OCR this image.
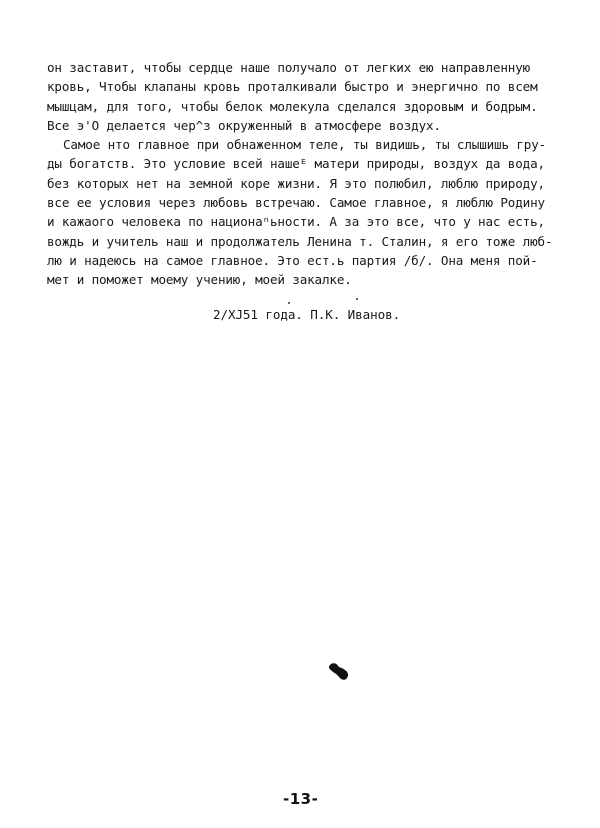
он заставит, чтобы сердце наше получало от легких ею направленную
кровь, Чтобы клапаны кровь проталкивали быстро и энергично по всем
мышцам, для того, чтобы белок молекула сделался здоровым и бодрым.
Все э'О делается чер^з окруженный в атмосфере воздух.
Самое нто главное при обнаженном теле, ты видишь, ты слышишь гру-
ды богатств. Это условие всей нашеᴱ матери природы, воздух да вода,
без которых нет на земной коре жизни. Я это полюбил, люблю природу,
все ее условия через любовь встречаю. Самое главное, я люблю Родину
и кажаого человека по национаⁿьности. А за это все, что у нас есть,
вождь и учитель наш и продолжатель Ленина т. Сталин, я его тоже люб-
лю и надеюсь на самое главное. Это ест.ь партия /б/. Она меня пой-
мет и поможет моему учению, моей закалке.
2/XJ51 года. П.К. Иванов.
-13-
